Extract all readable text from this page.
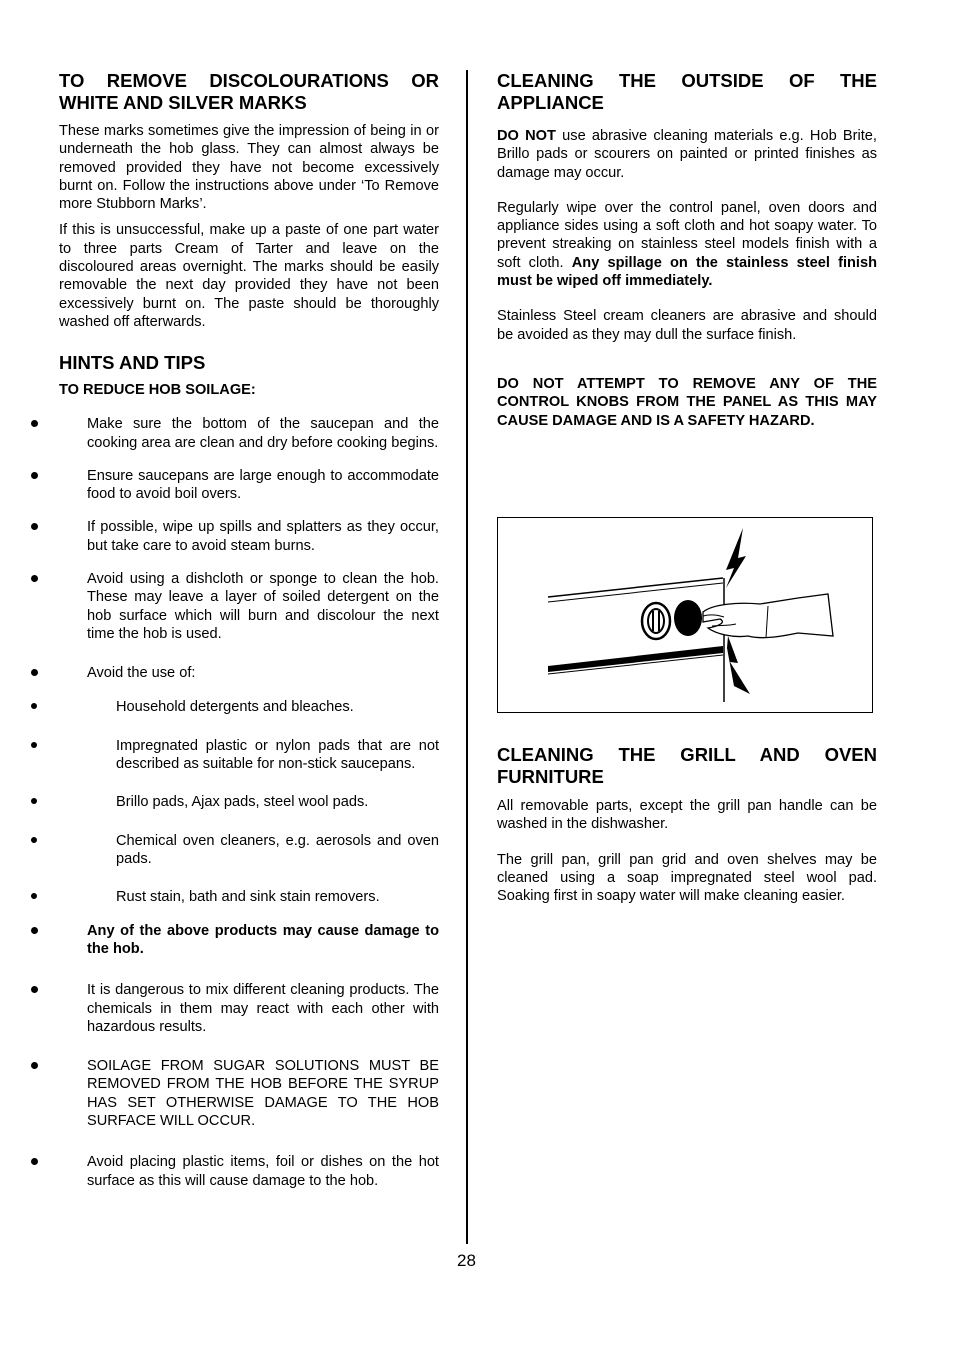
TO REMOVE DISCOLOURATIONS OR WHITE AND SILVER MARKS

These marks sometimes give the impression of being in or underneath the hob glass. They can almost always be removed provided they have not become excessively burnt on. Follow the instructions above under ‘To Remove more Stubborn Marks’.

If this is unsuccessful, make up a paste of one part water to three parts Cream of Tarter and leave on the discoloured areas overnight. The marks should be easily removable the next day provided they have not been excessively burnt on. The paste should be thoroughly washed off afterwards.

HINTS AND TIPS
TO REDUCE HOB SOILAGE:
Make sure the bottom of the saucepan and the cooking area are clean and dry before cooking begins.
Ensure saucepans are large enough to accommodate food to avoid boil overs.
If possible, wipe up spills and splatters as they occur, but take care to avoid steam burns.
Avoid using a dishcloth or sponge to clean the hob. These may leave a layer of soiled detergent on the hob surface which will burn and discolour the next time the hob is used.
Avoid the use of:
Household detergents and bleaches.
Impregnated plastic or nylon pads that are not described as suitable for non-stick saucepans.
Brillo pads, Ajax pads, steel wool pads.
Chemical oven cleaners, e.g. aerosols and oven pads.
Rust stain, bath and sink stain removers.
Any of the above products may cause damage to the hob.
It is dangerous to mix different cleaning products. The chemicals in them may react with each other with hazardous results.
SOILAGE FROM SUGAR SOLUTIONS MUST BE REMOVED FROM THE HOB BEFORE THE SYRUP HAS SET OTHERWISE DAMAGE TO THE HOB SURFACE WILL OCCUR.
Avoid placing plastic items, foil or dishes on the hot surface as this will cause damage to the hob.
CLEANING THE OUTSIDE OF THE APPLIANCE

DO NOT use abrasive cleaning materials e.g. Hob Brite, Brillo pads or scourers on painted or printed finishes as damage may occur.

Regularly wipe over the control panel, oven doors and appliance sides using a soft cloth and hot soapy water. To prevent streaking on stainless steel models finish with a soft cloth. Any spillage on the stainless steel finish must be wiped off immediately.

Stainless Steel cream cleaners are abrasive and should be avoided as they may dull the surface finish.

DO NOT ATTEMPT TO REMOVE ANY OF THE CONTROL KNOBS FROM THE PANEL AS THIS MAY CAUSE DAMAGE AND IS A SAFETY HAZARD.

CLEANING THE GRILL AND OVEN FURNITURE

All removable parts, except the grill pan handle can be washed in the dishwasher.

The grill pan, grill pan grid and oven shelves may be cleaned using a soap impregnated steel wool pad. Soaking first in soapy water will make cleaning easier.

28
